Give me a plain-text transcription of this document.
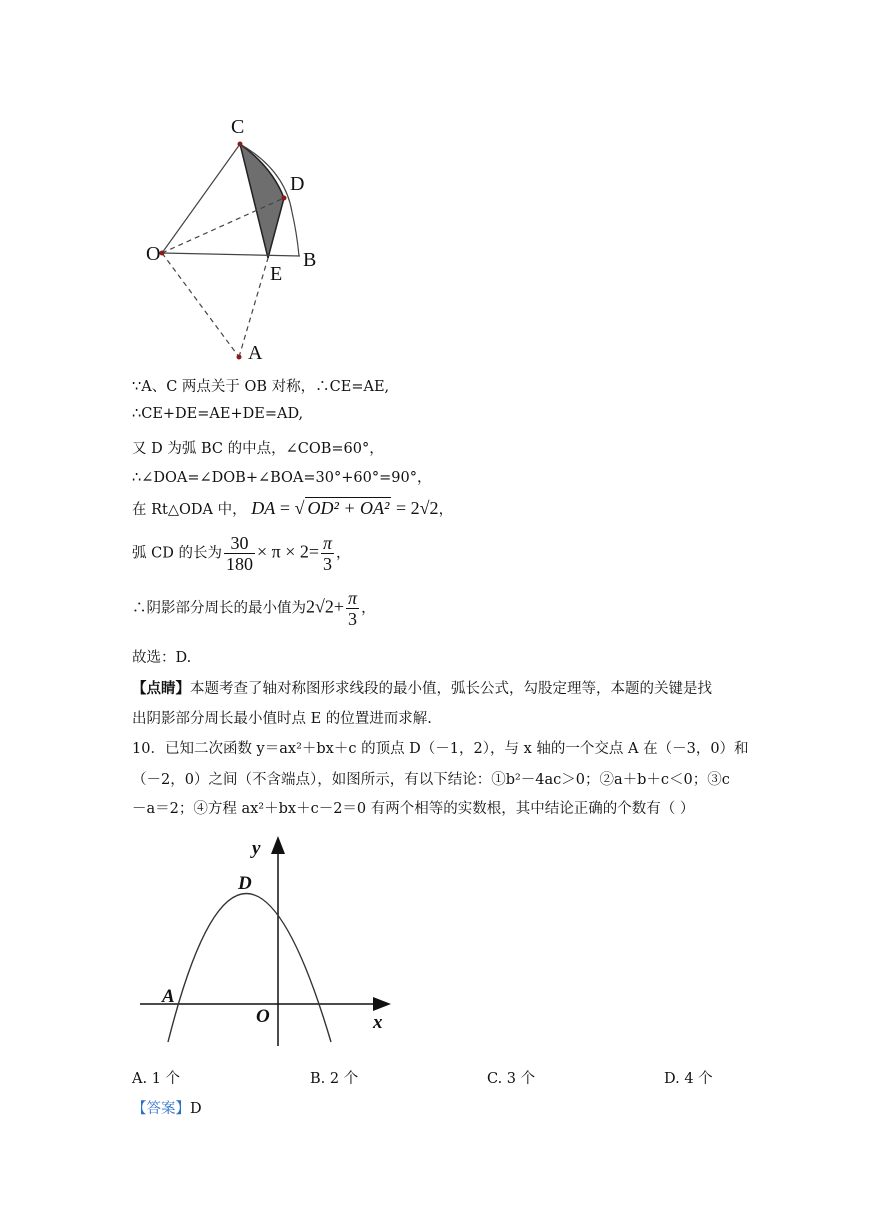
C
D
O	B
E
A
∵A、C 两点关于 OB 对称，∴CE=AE,
∴CE+DE=AE+DE=AD,
又 D 为弧 BC 的中点，∠COB=60°，
∴∠DOA=∠DOB+∠BOA=30°+60°=90°，
在 Rt△ODA 中， DA = √ OD² + OA² = 2√2，
弧 CD 的长为 $\frac{30}{180} \times \pi \times 2= \frac{\pi}{3}$ ，
∴阴影部分周长的最小值为$2√2+ \frac{\pi}{3}$ ，
故选：D.
【点睛】本题考查了轴对称图形求线段的最小值，弧长公式，勾股定理等，本题的关键是找
出阴影部分周长最小值时点 E 的位置进而求解.
10．已知二次函数 y＝ax²＋bx＋c 的顶点 D（－1，2），与 x 轴的一个交点 A 在（－3，0）和
（－2，0）之间（不含端点），如图所示，有以下结论：①b²－4ac＞0；②a＋b＋c＜0；③c
－a＝2；④方程 ax²＋bx＋c－2＝0 有两个相等的实数根，其中结论正确的个数有（ ）
y
D
A
O	x
A. 1 个	B. 2 个	C. 3 个	D. 4 个
【答案】D
